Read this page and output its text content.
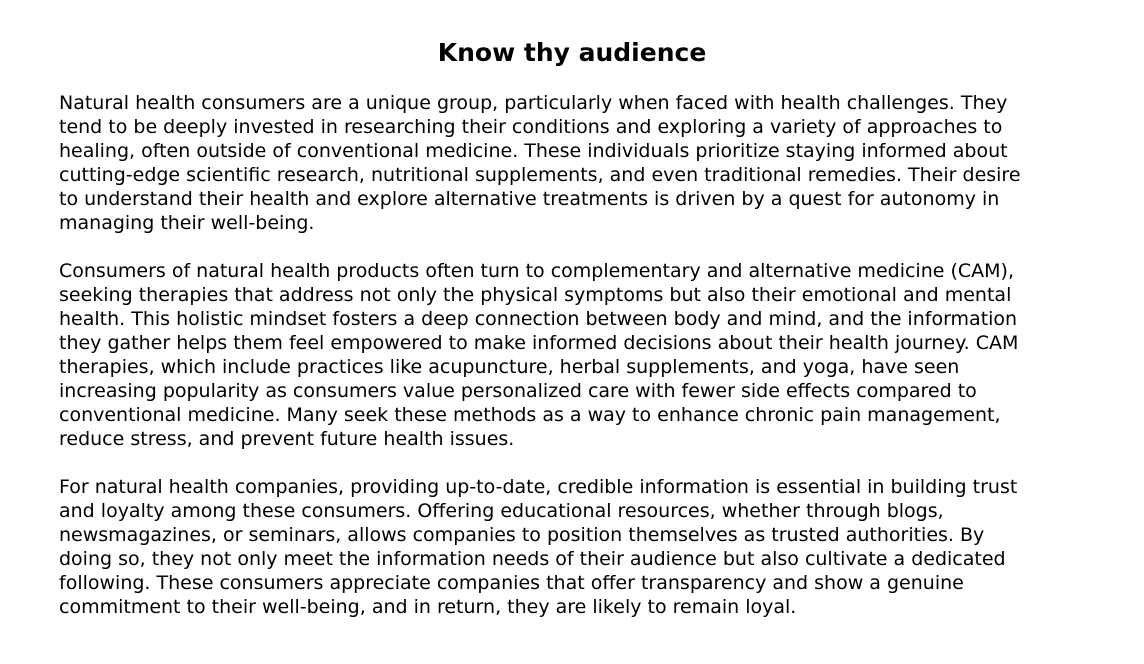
Know thy audience

Natural health consumers are a unique group, particularly when faced with health challenges. They
tend to be deeply invested in researching their conditions and exploring a variety of approaches to
healing, often outside of conventional medicine. These individuals prioritize staying informed about
cutting-edge scientific research, nutritional supplements, and even traditional remedies. Their desire
to understand their health and explore alternative treatments is driven by a quest for autonomy in
managing their well-being.

Consumers of natural health products often turn to complementary and alternative medicine (CAM),
seeking therapies that address not only the physical symptoms but also their emotional and mental
health. This holistic mindset fosters a deep connection between body and mind, and the information
they gather helps them feel empowered to make informed decisions about their health journey. CAM
therapies, which include practices like acupuncture, herbal supplements, and yoga, have seen
increasing popularity as consumers value personalized care with fewer side effects compared to
conventional medicine. Many seek these methods as a way to enhance chronic pain management,
reduce stress, and prevent future health issues.

For natural health companies, providing up-to-date, credible information is essential in building trust
and loyalty among these consumers. Offering educational resources, whether through blogs,
newsmagazines, or seminars, allows companies to position themselves as trusted authorities. By
doing so, they not only meet the information needs of their audience but also cultivate a dedicated
following. These consumers appreciate companies that offer transparency and show a genuine
commitment to their well-being, and in return, they are likely to remain loyal.
